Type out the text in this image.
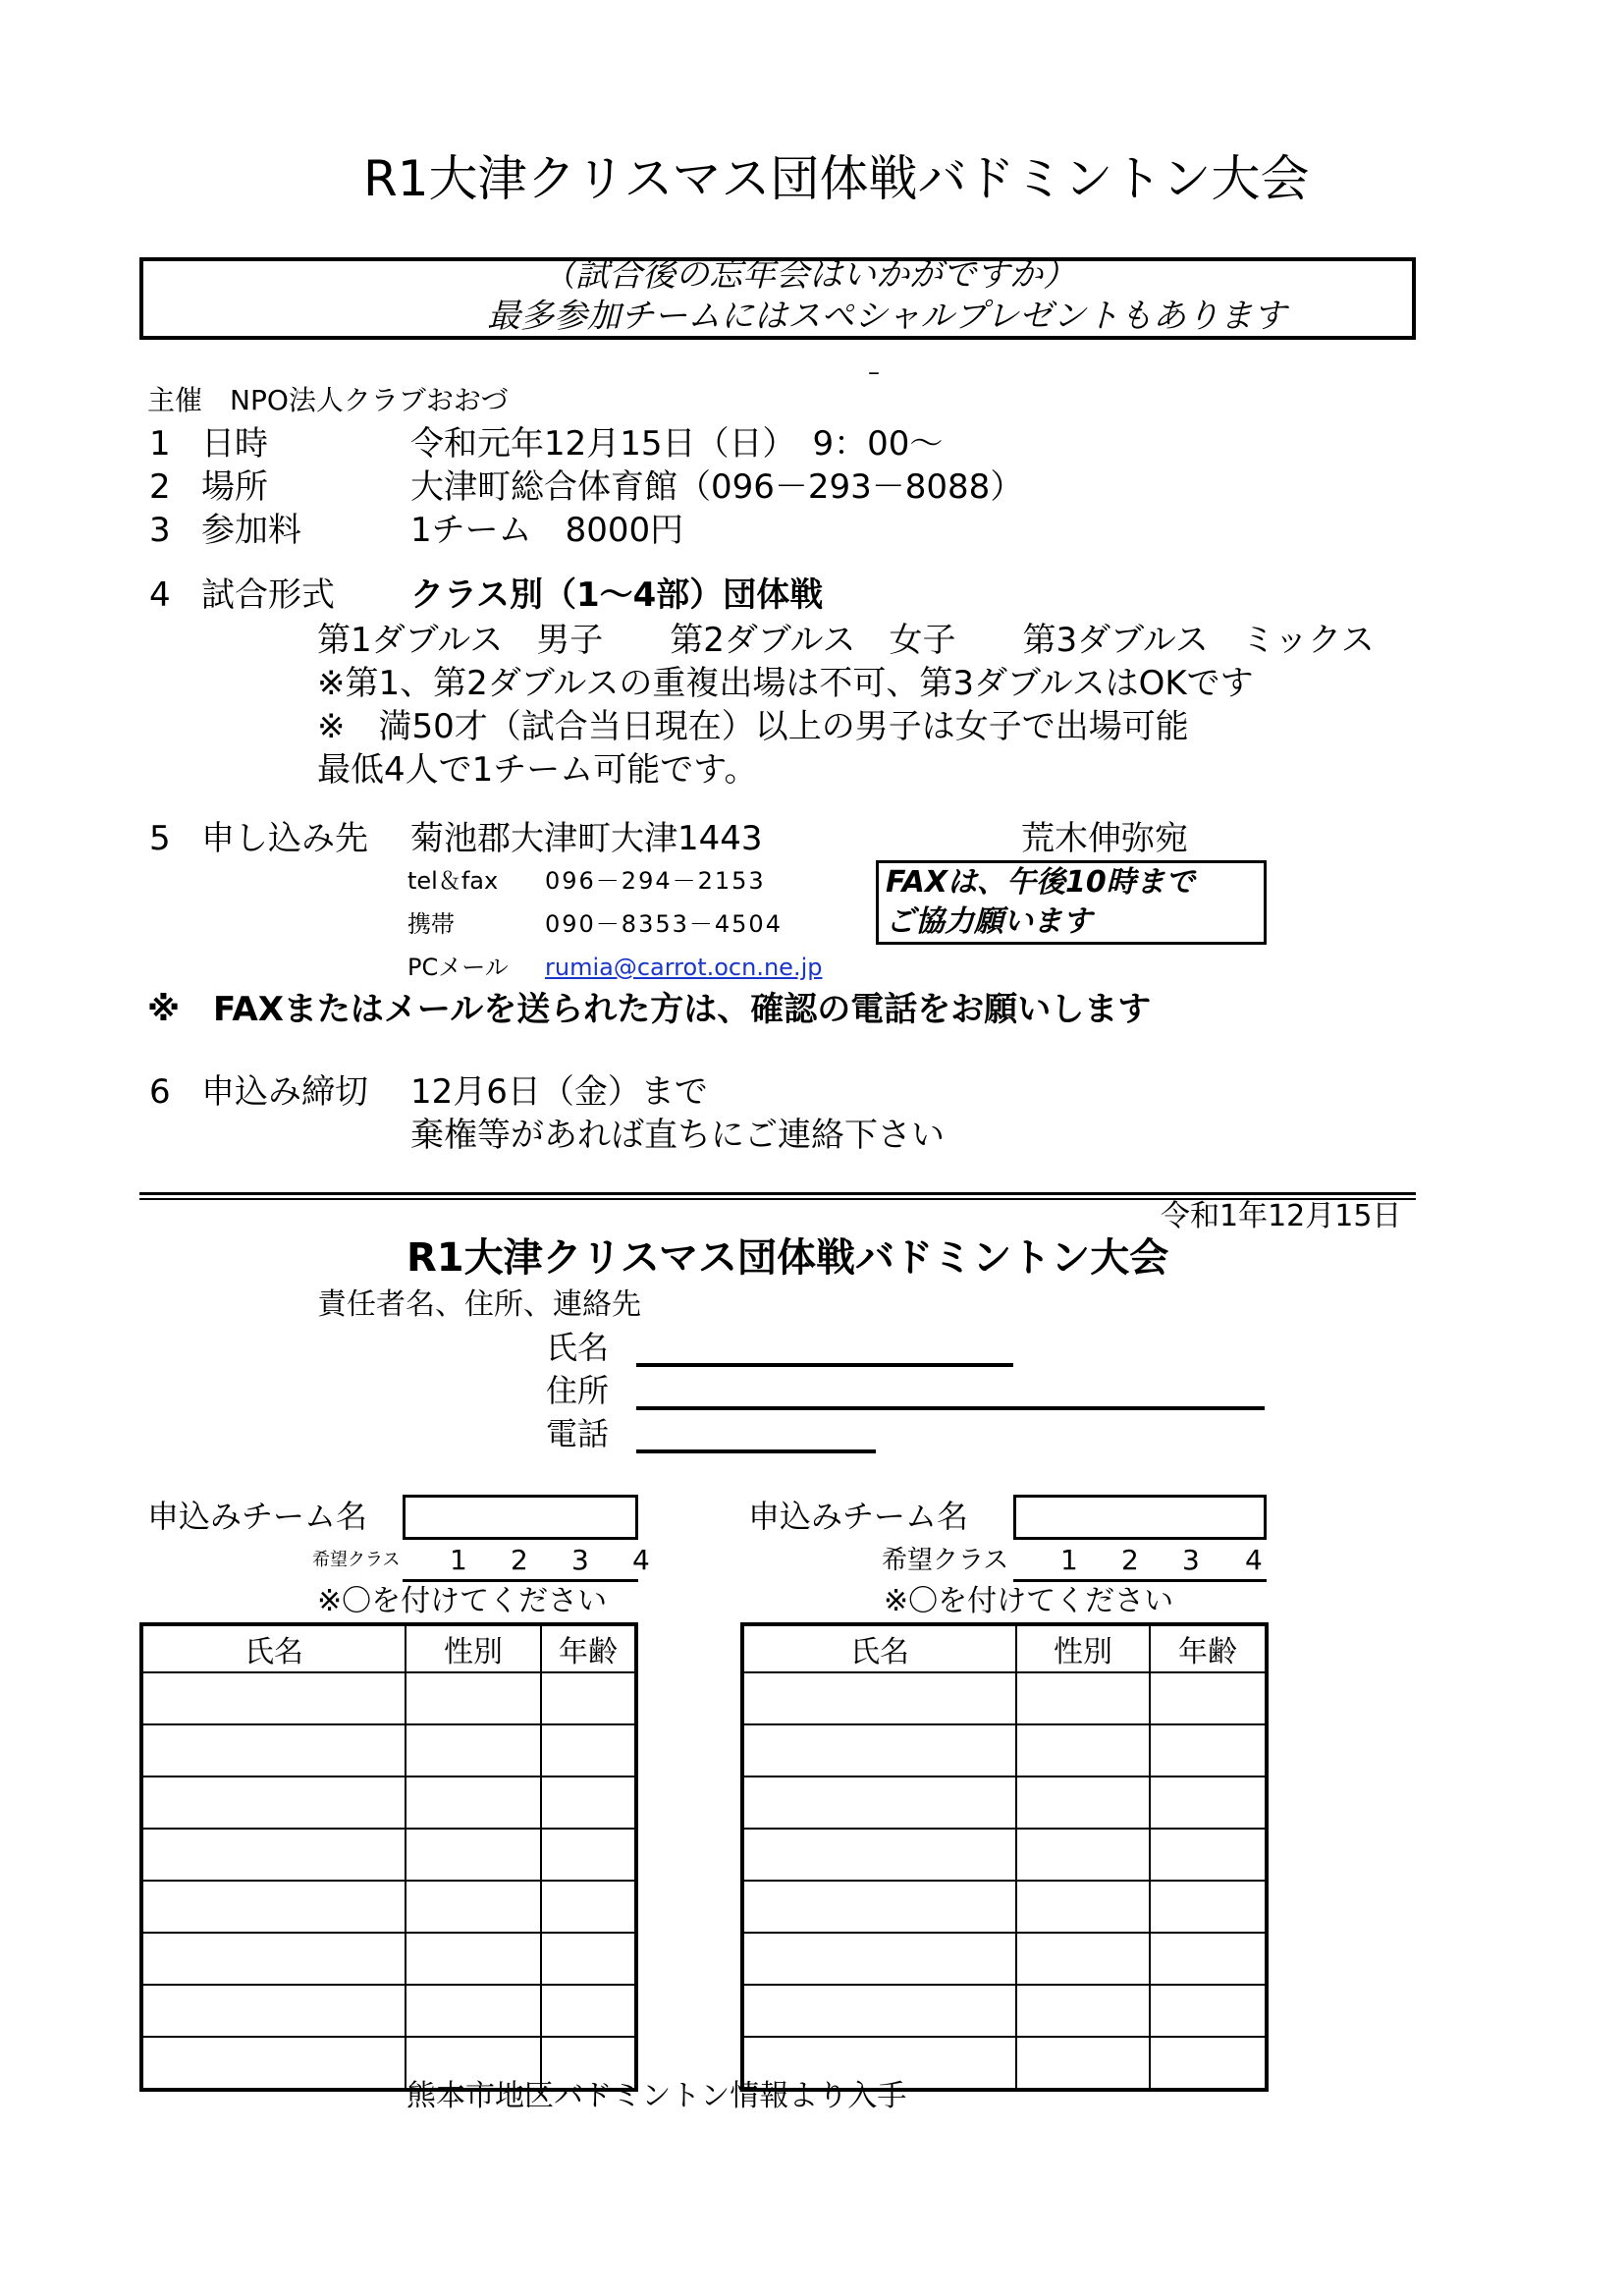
R1大津クリスマス団体戦バドミントン大会
（試合後の忘年会はいかがですか）
最多参加チームにはスペシャルプレゼントもあります
–
主催　NPO法人クラブおおづ
1 日時	令和元年12月15日（日）　9：00～
2 場所	大津町総合体育館（096－293－8088）
3 参加料	1チーム　8000円
4 試合形式 クラス別（1～4部）団体戦
第1ダブルス　男子　　第2ダブルス　女子　　第3ダブルス　ミックス
※第1、第2ダブルスの重複出場は不可、第3ダブルスはOKです
※　満50才（試合当日現在）以上の男子は女子で出場可能
最低4人で1チーム可能です。
5 申し込み先 菊池郡大津町大津1443	荒木伸弥宛
tel＆fax 096－294－2153
携帯	090－8353－4504
PCメール rumia@carrot.ocn.ne.jp
FAXは、午後10時まで
ご協力願います
※　FAXまたはメールを送られた方は、確認の電話をお願いします
6 申込み締切 12月6日（金）まで
棄権等があれば直ちにご連絡下さい
令和1年12月15日
R1大津クリスマス団体戦バドミントン大会
責任者名、住所、連絡先
氏名
住所
電話
申込みチーム名
希望クラス 1 2 3 4
※〇を付けてください
氏名	性別	年齢

申込みチーム名
希望クラス 1 2 3 4
※〇を付けてください
氏名	性別	年齢

熊本市地区バドミントン情報より入手
